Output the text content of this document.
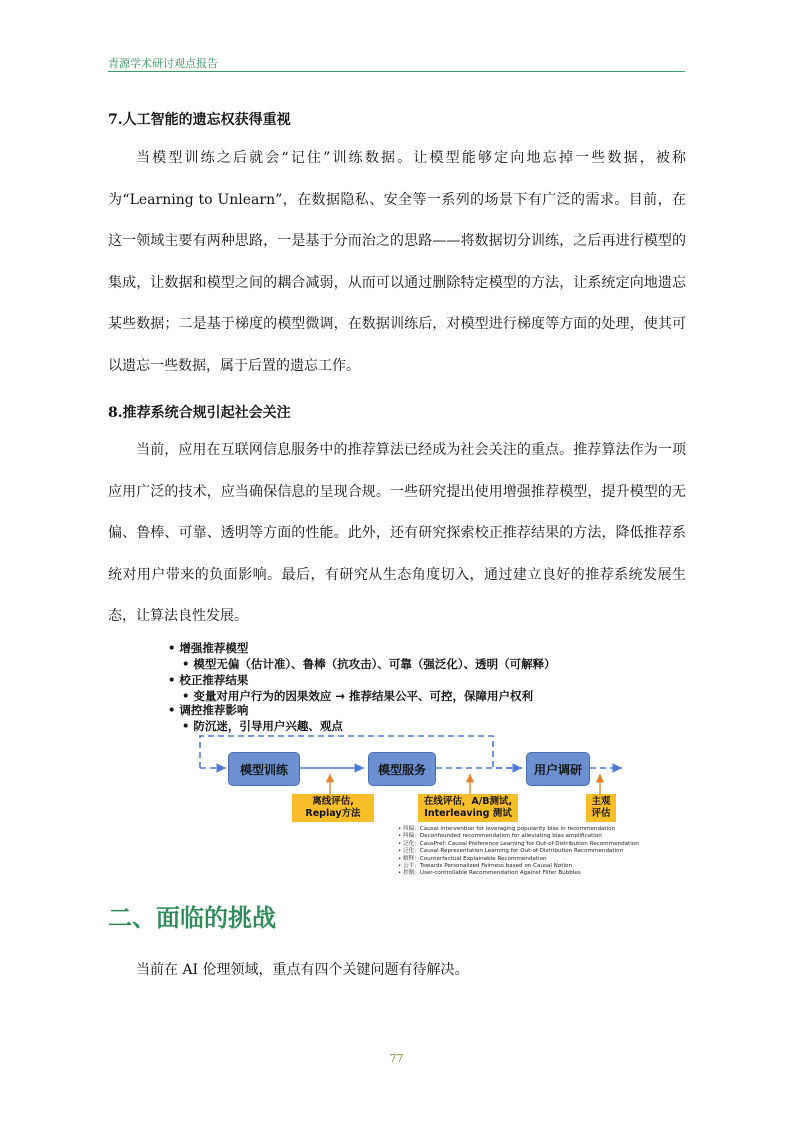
青源学术研讨观点报告
7.人工智能的遗忘权获得重视

当模型训练之后就会“记住”训练数据。让模型能够定向地忘掉一些数据，被称为“Learning to Unlearn”，在数据隐私、安全等一系列的场景下有广泛的需求。目前，在这一领域主要有两种思路，一是基于分而治之的思路——将数据切分训练，之后再进行模型的集成，让数据和模型之间的耦合减弱，从而可以通过删除特定模型的方法，让系统定向地遗忘某些数据；二是基于梯度的模型微调，在数据训练后，对模型进行梯度等方面的处理，使其可以遗忘一些数据，属于后置的遗忘工作。

8.推荐系统合规引起社会关注

当前，应用在互联网信息服务中的推荐算法已经成为社会关注的重点。推荐算法作为一项应用广泛的技术，应当确保信息的呈现合规。一些研究提出使用增强推荐模型，提升模型的无偏、鲁棒、可靠、透明等方面的性能。此外，还有研究探索校正推荐结果的方法，降低推荐系统对用户带来的负面影响。最后，有研究从生态角度切入，通过建立良好的推荐系统发展生态，让算法良性发展。

• 增强推荐模型
• 模型无偏（估计准）、鲁棒（抗攻击）、可靠（强泛化）、透明（可解释）
• 校正推荐结果
• 变量对用户行为的因果效应 → 推荐结果公平、可控，保障用户权利
• 调控推荐影响
• 防沉迷，引导用户兴趣、观点
模型训练	模型服务	用户调研
离线评估,
Replay方法
在线评估，A/B测试,
Interleaving 测试
主观
评估
• 纠偏：Causal intervention for leveraging popularity bias in recommendation
• 纠偏：Deconfounded recommendation for alleviating bias amplification
• 泛化：CausPref: Causal Preference Learning for Out-of-Distribution Recommendation
• 泛化：Causal Representation Learning for Out-of-Distribution Recommendation
• 解释：Counterfactual Explainable Recommendation
• 公平：Towards Personalized Fairness based on Causal Notion
• 控制：User-controllable Recommendation Against Filter Bubbles
二、面临的挑战

当前在 AI 伦理领域，重点有四个关键问题有待解决。

77
